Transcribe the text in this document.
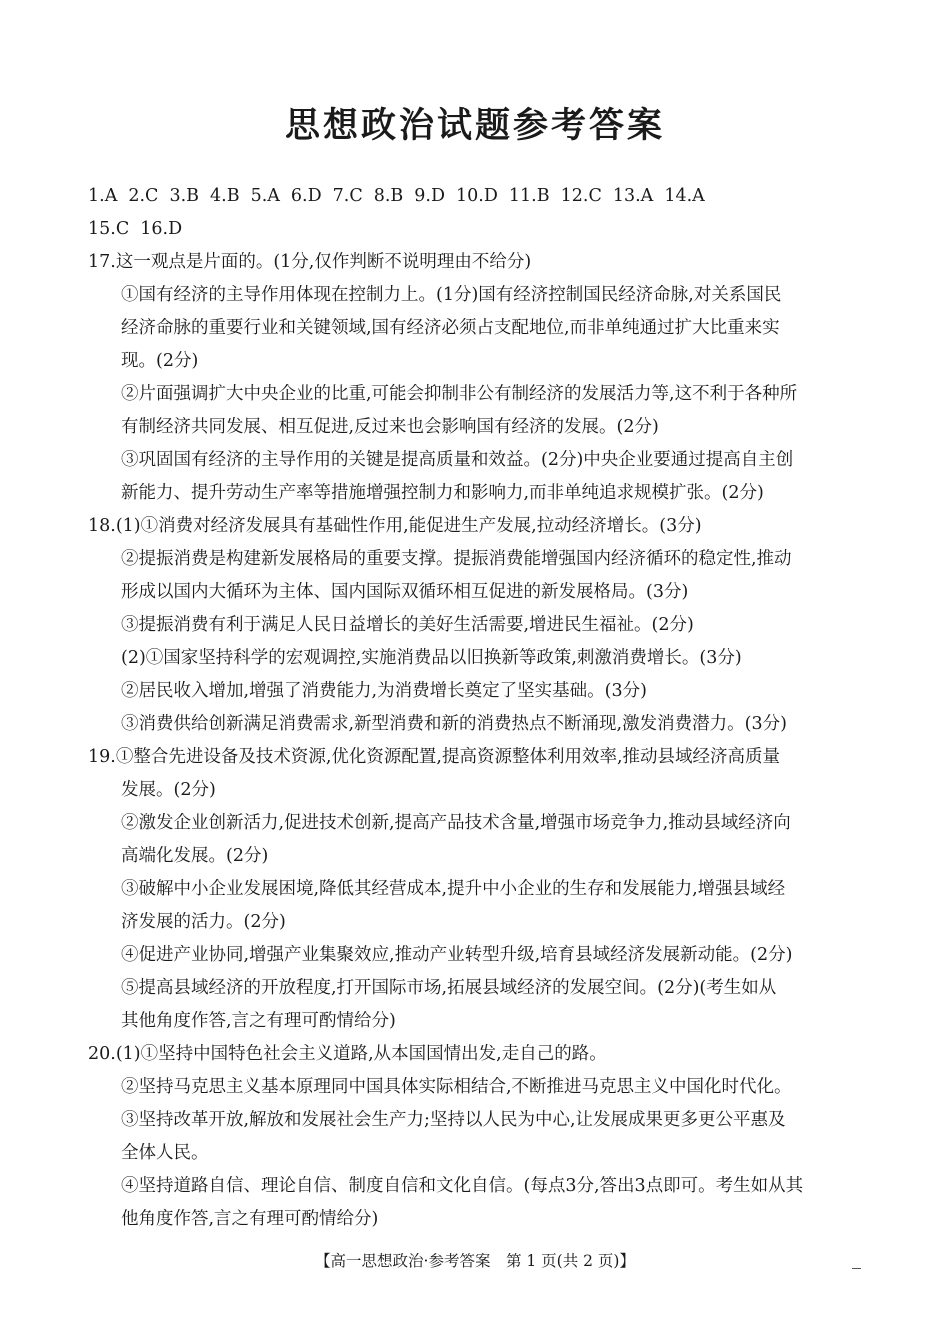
思想政治试题参考答案
1.A 2.C 3.B 4.B 5.A 6.D 7.C 8.B 9.D 10.D 11.B 12.C 13.A 14.A
15.C 16.D
17.这一观点是片面的。(1分,仅作判断不说明理由不给分)
①国有经济的主导作用体现在控制力上。(1分)国有经济控制国民经济命脉,对关系国民
经济命脉的重要行业和关键领域,国有经济必须占支配地位,而非单纯通过扩大比重来实
现。(2分)
②片面强调扩大中央企业的比重,可能会抑制非公有制经济的发展活力等,这不利于各种所
有制经济共同发展、相互促进,反过来也会影响国有经济的发展。(2分)
③巩固国有经济的主导作用的关键是提高质量和效益。(2分)中央企业要通过提高自主创
新能力、提升劳动生产率等措施增强控制力和影响力,而非单纯追求规模扩张。(2分)
18.(1)①消费对经济发展具有基础性作用,能促进生产发展,拉动经济增长。(3分)
②提振消费是构建新发展格局的重要支撑。提振消费能增强国内经济循环的稳定性,推动
形成以国内大循环为主体、国内国际双循环相互促进的新发展格局。(3分)
③提振消费有利于满足人民日益增长的美好生活需要,增进民生福祉。(2分)
(2)①国家坚持科学的宏观调控,实施消费品以旧换新等政策,刺激消费增长。(3分)
②居民收入增加,增强了消费能力,为消费增长奠定了坚实基础。(3分)
③消费供给创新满足消费需求,新型消费和新的消费热点不断涌现,激发消费潜力。(3分)
19.①整合先进设备及技术资源,优化资源配置,提高资源整体利用效率,推动县域经济高质量
发展。(2分)
②激发企业创新活力,促进技术创新,提高产品技术含量,增强市场竞争力,推动县域经济向
高端化发展。(2分)
③破解中小企业发展困境,降低其经营成本,提升中小企业的生存和发展能力,增强县域经
济发展的活力。(2分)
④促进产业协同,增强产业集聚效应,推动产业转型升级,培育县域经济发展新动能。(2分)
⑤提高县域经济的开放程度,打开国际市场,拓展县域经济的发展空间。(2分)(考生如从
其他角度作答,言之有理可酌情给分)
20.(1)①坚持中国特色社会主义道路,从本国国情出发,走自己的路。
②坚持马克思主义基本原理同中国具体实际相结合,不断推进马克思主义中国化时代化。
③坚持改革开放,解放和发展社会生产力;坚持以人民为中心,让发展成果更多更公平惠及
全体人民。
④坚持道路自信、理论自信、制度自信和文化自信。(每点3分,答出3点即可。考生如从其
他角度作答,言之有理可酌情给分)
【高一思想政治·参考答案　第 1 页(共 2 页)】
